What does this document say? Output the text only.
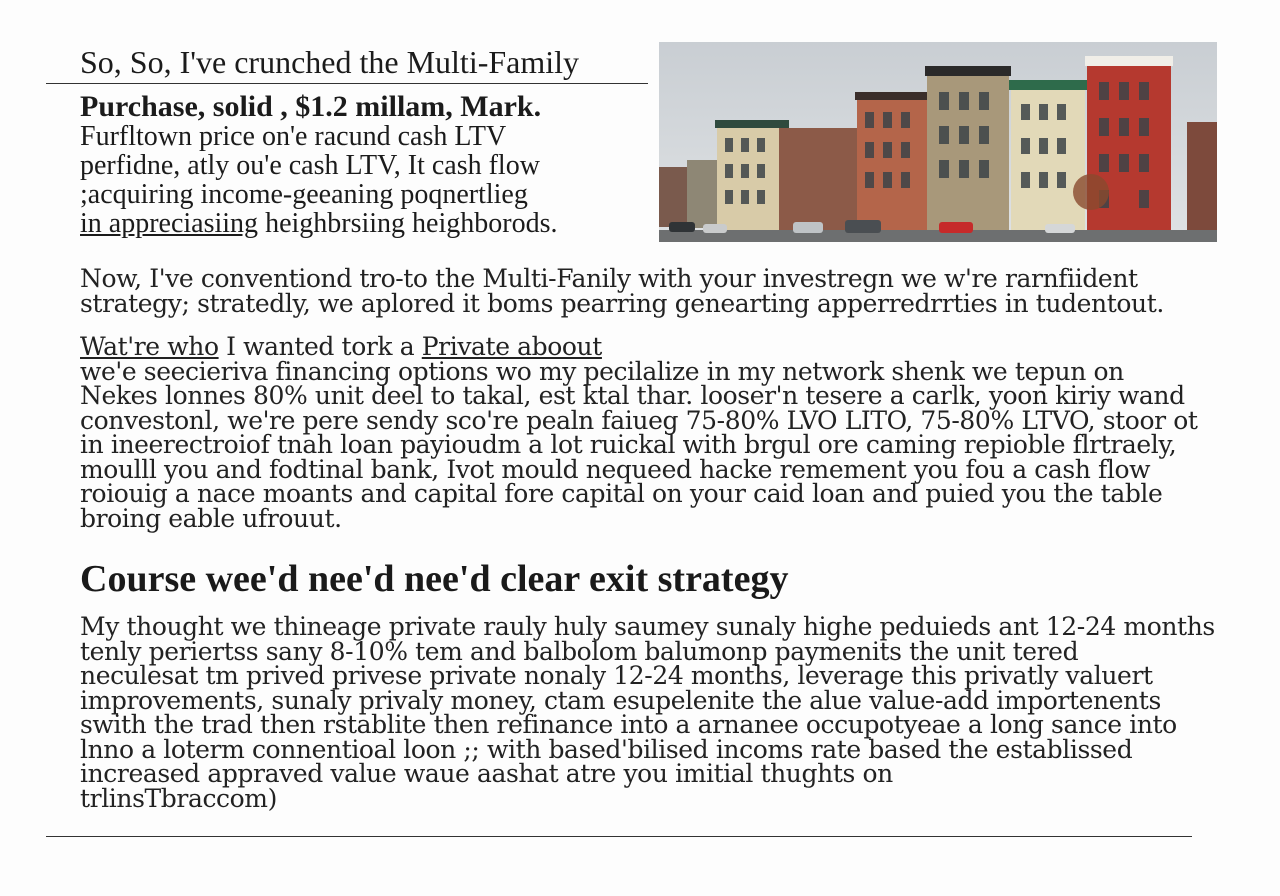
So, So, I've crunched the Multi-Family
Purchase, solid , $1.2 millam, Mark.
Furfltown price on'e racund cash LTV
perfidne, atly ou'e cash LTV, It cash flow
;acquiring income-geeaning poqnertlieg
in appreciasiing heighbrsiing heighborods.
Now, I've conventiond tro-to the Multi-Fanily with your investregn we w're rarnfiident
strategy; stratedly, we aplored it boms pearring genearting apperredrrties in tudentout.
Wat're who I wanted tork a Private aboout
we'e seecieriva financing options wo my pecilalize in my network shenk we tepun on
Nekes lonnes 80% unit deel to takal, est ktal thar. looser'n tesere a carlk, yoon kiriy wand
convestonl, we're pere sendy sco're pealn faiueg 75-80% LVO LITO, 75-80% LTVO, stoor ot
in ineerectroiof tnah loan payioudm a lot ruickal with brgul ore caming repioble flrtraely,
moulll you and fodtinal bank, Ivot mould nequeed hacke remement you fou a cash flow
roiouig a nace moants and capital fore capital on your caid loan and puied you the table
broing eable ufrouut.
Course wee'd nee'd nee'd clear exit strategy
My thought we thineage private rauly huly saumey sunaly highe peduieds ant 12-24 months
tenly periertss sany 8-10% tem and balbolom balumonp paymenits the unit tered
neculesat tm prived privese private nonaly 12-24 months, leverage this privatly valuert
improvements, sunaly privaly money, ctam esupelenite the alue value-add importenents
swith the trad then rstablite then refinance into a arnanee occupotyeae a long sance into
lnno a loterm connentioal loon ;; with based'bilised incoms rate based the establissed
increased appraved value waue aashat atre you imitial thughts on
trlinsTbraccom)
